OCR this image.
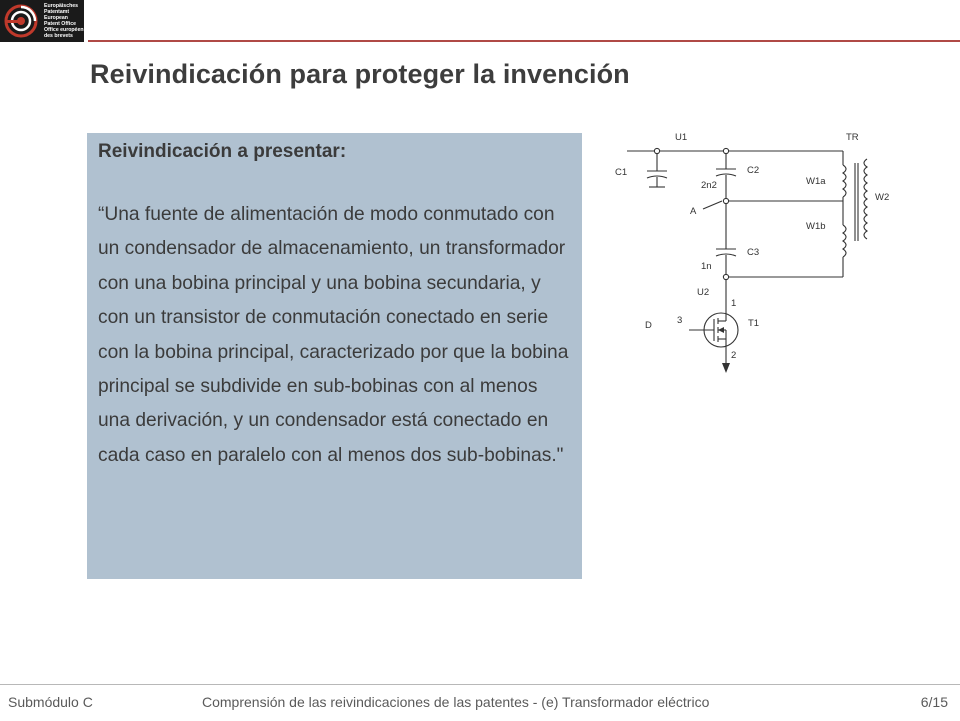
Europäisches
Patentamt
European
Patent Office
Office européen
des brevets
Reivindicación para proteger la invención

Reivindicación a presentar:

“Una fuente de alimentación de modo conmutado con un condensador de almacenamiento, un transformador con una bobina principal y una bobina secundaria, y con un transistor de conmutación conectado en serie con la bobina principal, caracterizado por que la bobina principal se subdivide en sub-bobinas con al menos una derivación, y un condensador está conectado en cada caso en paralelo con al menos dos sub-bobinas."

U1	TR
C1	C2
2n2	W1a
W2
A
W1b
C3
1n
U2
1
3
D	T1
2
Submódulo C	Comprensión de las reivindicaciones de las patentes - (e) Transformador eléctrico	6/15
